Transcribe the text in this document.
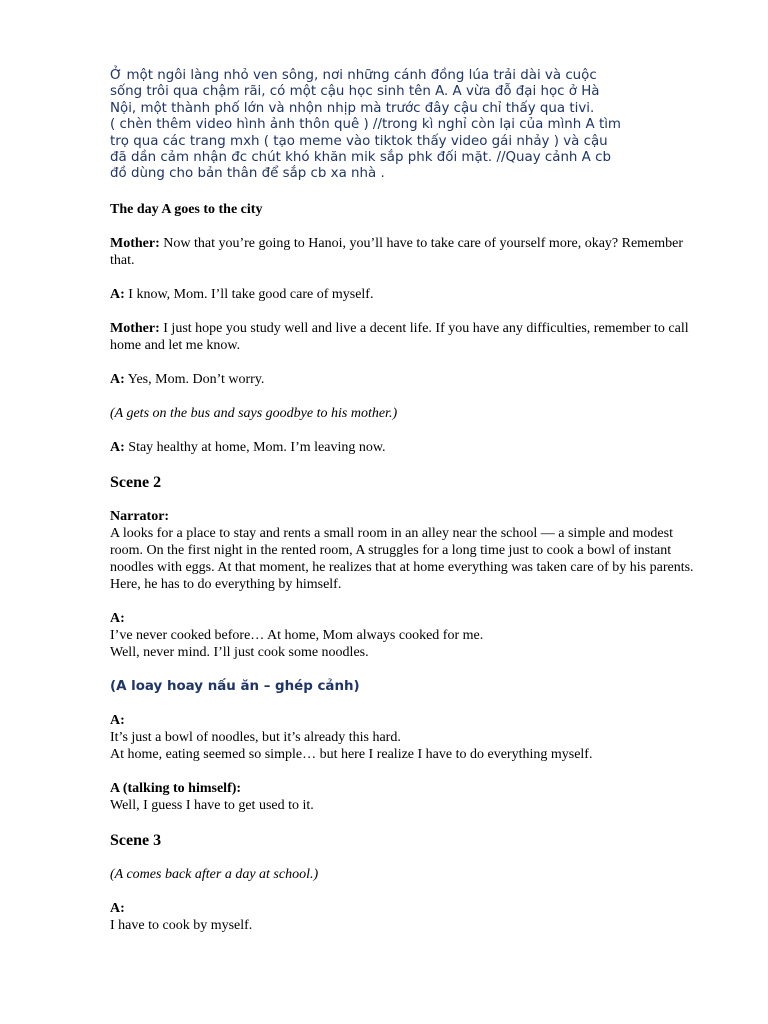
Ở một ngôi làng nhỏ ven sông, nơi những cánh đồng lúa trải dài và cuộc
sống trôi qua chậm rãi, có một cậu học sinh tên A. A vừa đỗ đại học ở Hà
Nội, một thành phố lớn và nhộn nhịp mà trước đây cậu chỉ thấy qua tivi.
( chèn thêm video hình ảnh thôn quê ) //trong kì nghỉ còn lại của mình A tìm
trọ qua các trang mxh ( tạo meme vào tiktok thấy video gái nhảy ) và cậu
đã dần cảm nhận đc chút khó khăn mik sắp phk đối mặt. //Quay cảnh A cb
đồ dùng cho bản thân để sắp cb xa nhà .

The day A goes to the city

Mother: Now that you’re going to Hanoi, you’ll have to take care of yourself more, okay? Remember that.

A: I know, Mom. I’ll take good care of myself.

Mother: I just hope you study well and live a decent life. If you have any difficulties, remember to call home and let me know.

A: Yes, Mom. Don’t worry.

(A gets on the bus and says goodbye to his mother.)

A: Stay healthy at home, Mom. I’m leaving now.

Scene 2

Narrator:
A looks for a place to stay and rents a small room in an alley near the school — a simple and modest room. On the first night in the rented room, A struggles for a long time just to cook a bowl of instant noodles with eggs. At that moment, he realizes that at home everything was taken care of by his parents. Here, he has to do everything by himself.

A:
I’ve never cooked before… At home, Mom always cooked for me.
Well, never mind. I’ll just cook some noodles.

(A loay hoay nấu ăn – ghép cảnh)

A:
It’s just a bowl of noodles, but it’s already this hard.
At home, eating seemed so simple… but here I realize I have to do everything myself.

A (talking to himself):
Well, I guess I have to get used to it.

Scene 3

(A comes back after a day at school.)

A:
I have to cook by myself.
